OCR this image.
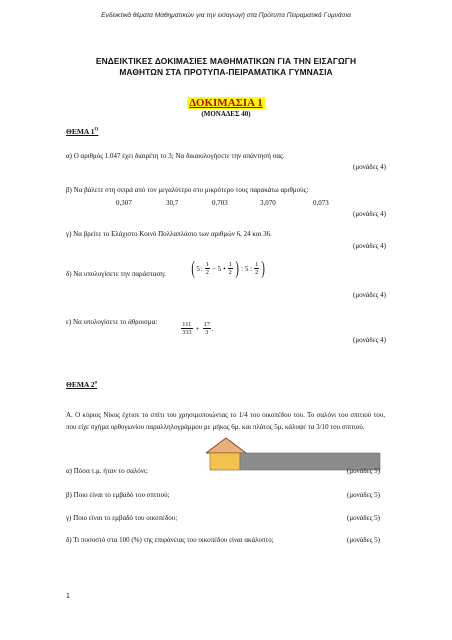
Ενδεικτικά θέματα Μαθηματικών για την εισαγωγή στα Πρότυπα Πειραματικά Γυμνάσια
ΕΝΔΕΙΚΤΙΚΕΣ ΔΟΚΙΜΑΣΙΕΣ ΜΑΘΗΜΑΤΙΚΩΝ ΓΙΑ ΤΗΝ ΕΙΣΑΓΩΓΗ
ΜΑΘΗΤΩΝ ΣΤΑ ΠΡΟΤΥΠΑ-ΠΕΙΡΑΜΑΤΙΚΑ ΓΥΜΝΑΣΙΑ
ΔΟΚΙΜΑΣΙΑ 1
(ΜΟΝΑΔΕΣ 40)
ΘΕΜΑ $1^O$
α) Ο αριθμός 1.047 έχει διαιρέτη το 3; Να δικαιολογήσετε την απάντησή σας.
(μονάδες 4)
β) Να βάλετε στη σειρά από τον μεγαλύτερο στο μικρότερο τους παρακάτω αριθμούς:
0,307	30,7	0,703	3,070	0,073
(μονάδες 4)
γ) Να βρείτε το Ελάχιστο Κοινό Πολλαπλάσιο των αριθμών 6, 24 και 36.
(μονάδες 4)
δ) Να υπολογίσετε την παράσταση: ( 5 : $\frac{1}{2} - 5$ • $\frac{1}{2}$ ) : 5 : $\frac{1}{2}$ )
(μονάδες 4)
ε) Να υπολογίσετε το άθροισμα:	$\frac{111}{333} + \frac{17}{3}$ .
(μονάδες 4)
ΘΕΜΑ $2^o$
Α. Ο κύριος Νίκος έχτισε το σπίτι του χρησιμοποιώντας το 1/4 του οικοπέδου του. Το σαλόνι του σπιτιού του, που είχε σχήμα ορθογωνίου παραλληλογράμμου με μήκος 6μ. και πλάτος 5μ, κάλυψε τα 3/10 του σπιτιού.
α) Πόσα τ.μ. ήταν το σαλόνι;	(μονάδες 5)
β) Ποιο είναι το εμβαδό του σπιτιού;	(μονάδες 5)
γ) Ποιο είναι το εμβαδό του οικοπέδου;	(μονάδες 5)
δ) Τι ποσοστό στα 100 (%) της επιφάνειας του οικοπέδου είναι ακάλυπτο;	(μονάδες 5)
1
